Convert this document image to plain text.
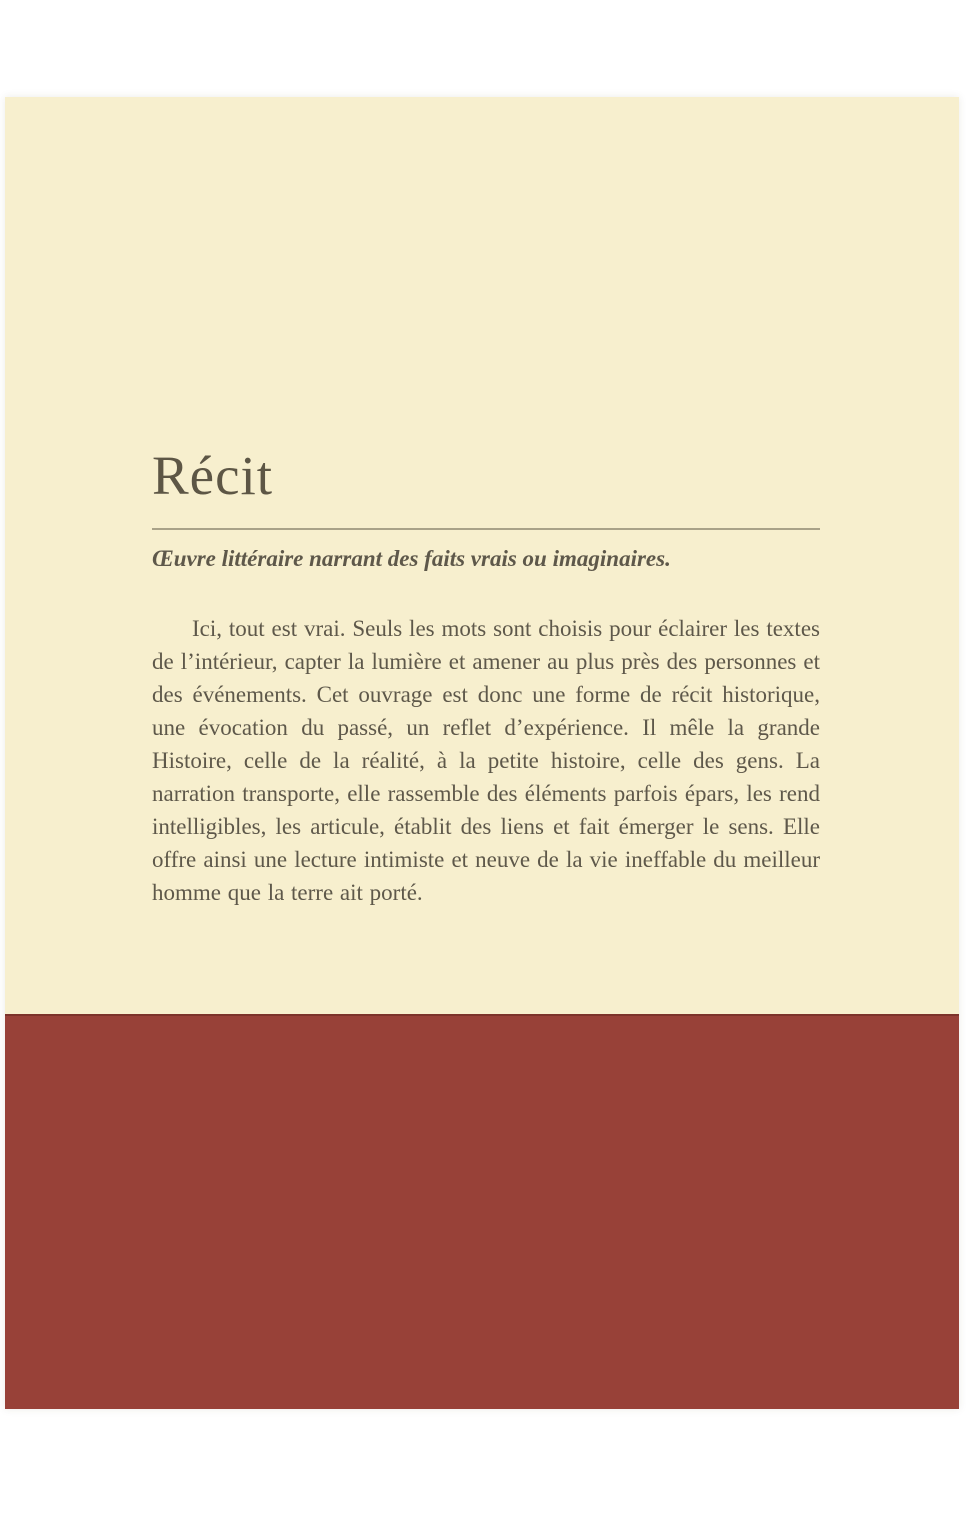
Récit

Œuvre littéraire narrant des faits vrais ou imaginaires.

Ici, tout est vrai. Seuls les mots sont choisis pour éclairer les textes de l’intérieur, capter la lumière et amener au plus près des personnes et des événements. Cet ouvrage est donc une forme de récit historique, une évocation du passé, un reflet d’expérience. Il mêle la grande Histoire, celle de la réalité, à la petite histoire, celle des gens. La narration transporte, elle rassemble des éléments parfois épars, les rend intelligibles, les articule, établit des liens et fait émerger le sens. Elle offre ainsi une lecture intimiste et neuve de la vie ineffable du meilleur homme que la terre ait porté.
